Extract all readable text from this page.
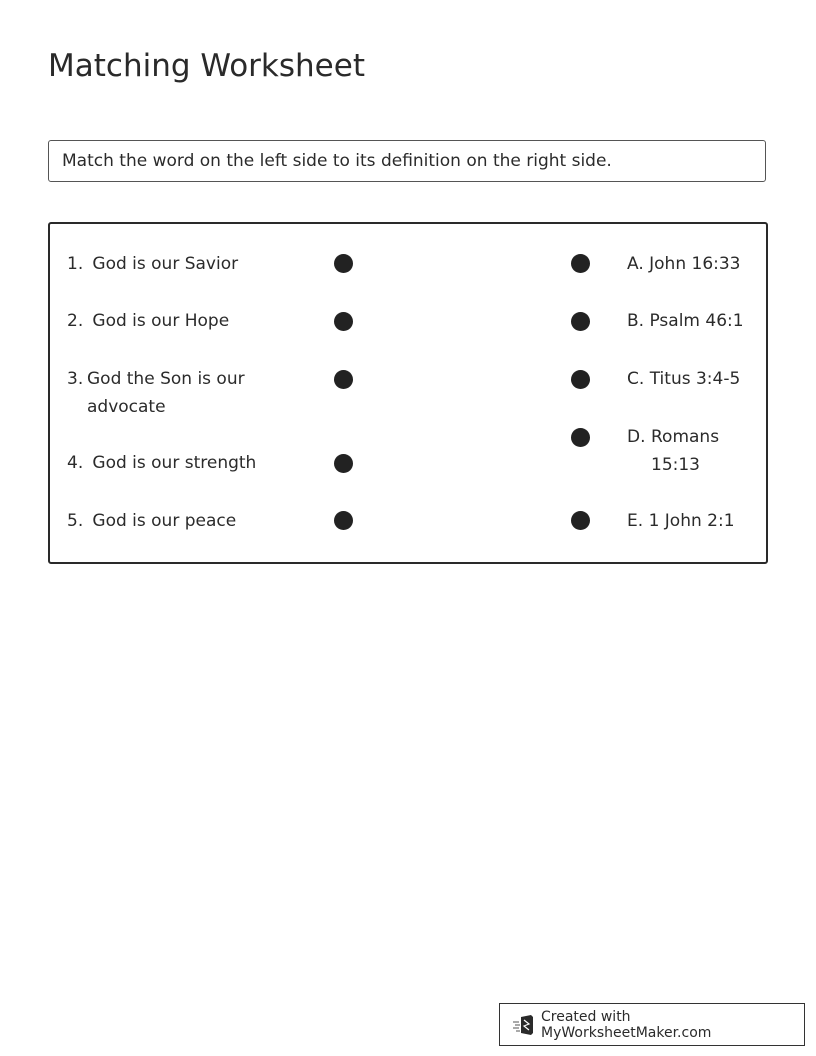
Matching Worksheet
Match the word on the left side to its definition on the right side.
1. God is our Savior
2. God is our Hope
3. God the Son is our advocate
4. God is our strength
5. God is our peace
A. John 16:33
B. Psalm 46:1
C. Titus 3:4-5
D. Romans 15:13
E. 1 John 2:1
Created with MyWorksheetMaker.com
